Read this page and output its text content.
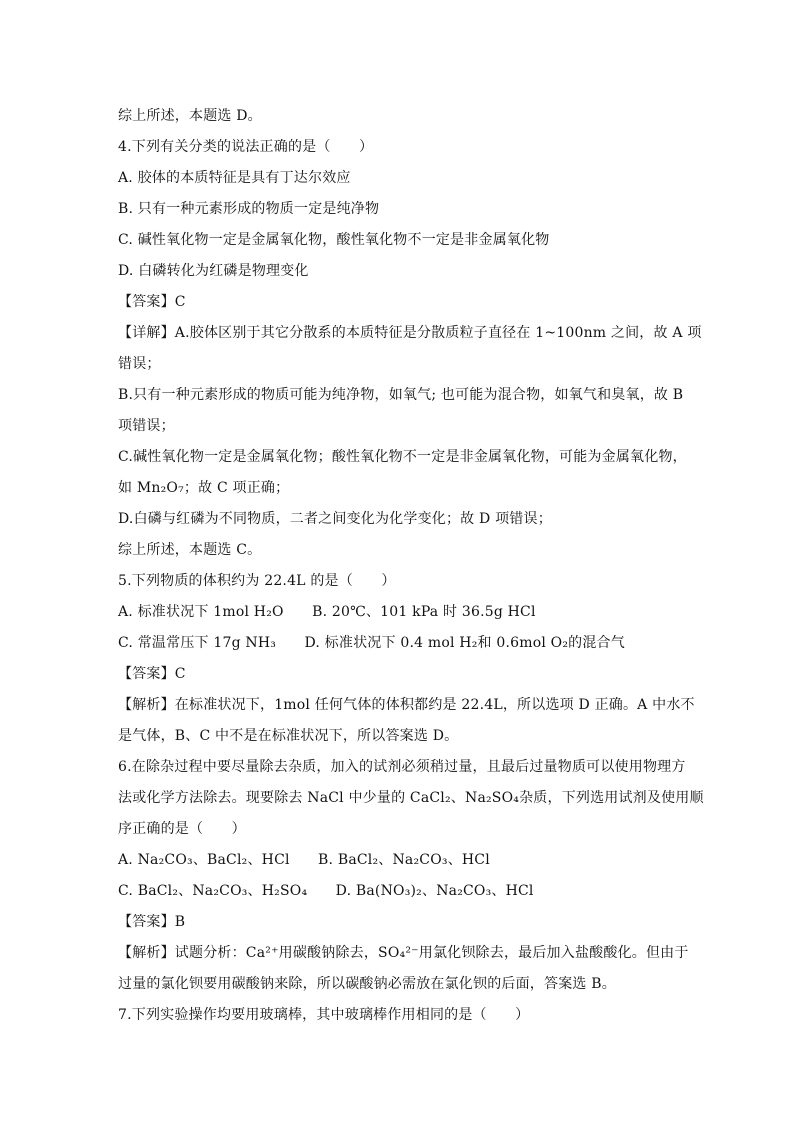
综上所述，本题选 D。
4.下列有关分类的说法正确的是（　　）
A. 胶体的本质特征是具有丁达尔效应
B. 只有一种元素形成的物质一定是纯净物
C. 碱性氧化物一定是金属氧化物，酸性氧化物不一定是非金属氧化物
D. 白磷转化为红磷是物理变化
【答案】C
【详解】A.胶体区别于其它分散系的本质特征是分散质粒子直径在 1~100nm 之间，故 A 项
错误；
B.只有一种元素形成的物质可能为纯净物，如氧气; 也可能为混合物，如氧气和臭氧，故 B
项错误；
C.碱性氧化物一定是金属氧化物；酸性氧化物不一定是非金属氧化物，可能为金属氧化物，
如 Mn₂O₇；故 C 项正确；
D.白磷与红磷为不同物质，二者之间变化为化学变化；故 D 项错误；
综上所述，本题选 C。
5.下列物质的体积约为 22.4L 的是（　　）
A. 标准状况下 1mol H₂O　　B. 20℃、101 kPa 时 36.5g HCl
C. 常温常压下 17g NH₃　　D. 标准状况下 0.4 mol H₂和 0.6mol O₂的混合气
【答案】C
【解析】在标准状况下，1mol 任何气体的体积都约是 22.4L，所以选项 D 正确。A 中水不
是气体，B、C 中不是在标准状况下，所以答案选 D。
6.在除杂过程中要尽量除去杂质，加入的试剂必须稍过量，且最后过量物质可以使用物理方
法或化学方法除去。现要除去 NaCl 中少量的 CaCl₂、Na₂SO₄杂质，下列选用试剂及使用顺
序正确的是（　　）
A. Na₂CO₃、BaCl₂、HCl　　B. BaCl₂、Na₂CO₃、HCl
C. BaCl₂、Na₂CO₃、H₂SO₄　　D. Ba(NO₃)₂、Na₂CO₃、HCl
【答案】B
【解析】试题分析：Ca²⁺用碳酸钠除去，SO₄²⁻用氯化钡除去，最后加入盐酸酸化。但由于
过量的氯化钡要用碳酸钠来除，所以碳酸钠必需放在氯化钡的后面，答案选 B。
7.下列实验操作均要用玻璃棒，其中玻璃棒作用相同的是（　　）
